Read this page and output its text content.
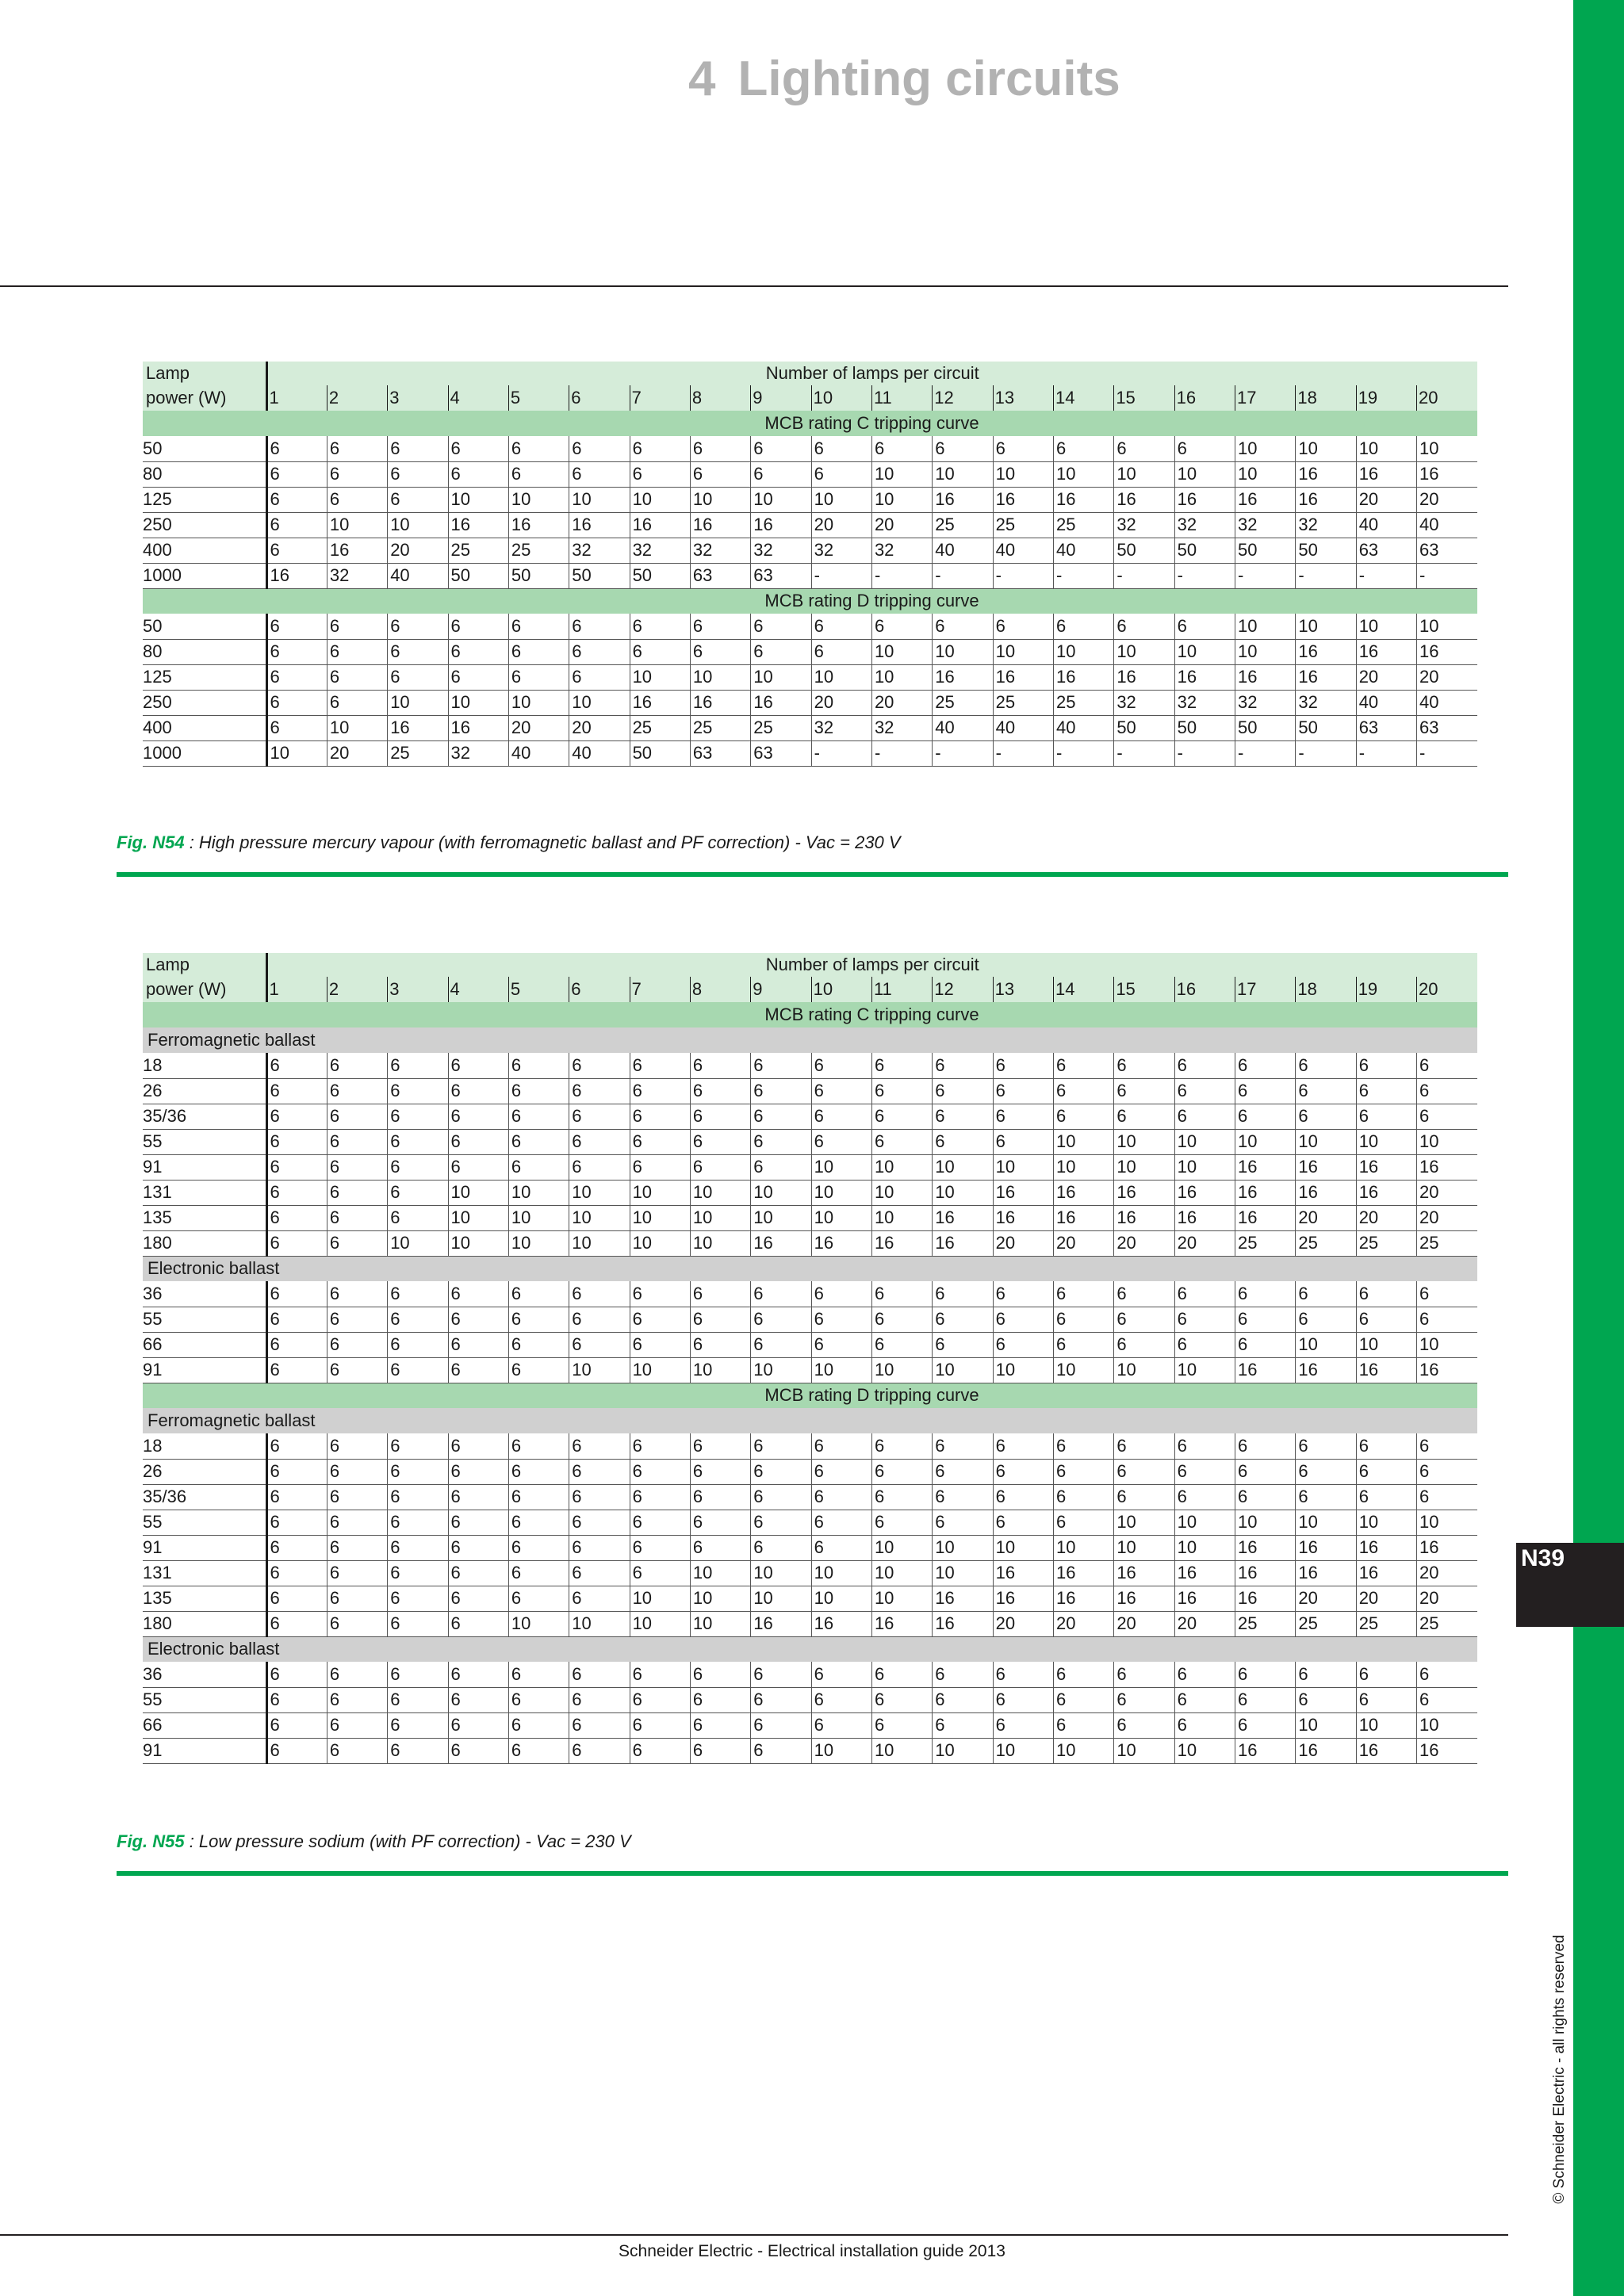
N39
© Schneider Electric - all rights reserved
4 Lighting circuits
Lamp	Number of lamps per circuit																			
power (W)	1	2	3	4	5	6	7	8	9	10	11	12	13	14	15	16	17	18	19	20
MCB rating C tripping curve																				
50	6	6	6	6	6	6	6	6	6	6	6	6	6	6	6	6	10	10	10	10
80	6	6	6	6	6	6	6	6	6	6	10	10	10	10	10	10	10	16	16	16
125	6	6	6	10	10	10	10	10	10	10	10	16	16	16	16	16	16	16	20	20
250	6	10	10	16	16	16	16	16	16	20	20	25	25	25	32	32	32	32	40	40
400	6	16	20	25	25	32	32	32	32	32	32	40	40	40	50	50	50	50	63	63
1000	16	32	40	50	50	50	50	63	63	-	-	-	-	-	-	-	-	-	-	-
MCB rating D tripping curve																				
50	6	6	6	6	6	6	6	6	6	6	6	6	6	6	6	6	10	10	10	10
80	6	6	6	6	6	6	6	6	6	6	10	10	10	10	10	10	10	16	16	16
125	6	6	6	6	6	6	10	10	10	10	10	16	16	16	16	16	16	16	20	20
250	6	6	10	10	10	10	16	16	16	20	20	25	25	25	32	32	32	32	40	40
400	6	10	16	16	20	20	25	25	25	32	32	40	40	40	50	50	50	50	63	63
1000	10	20	25	32	40	40	50	63	63	-	-	-	-	-	-	-	-	-	-	-
Fig. N54 : High pressure mercury vapour (with ferromagnetic ballast and PF correction) - Vac = 230 V
Lamp	Number of lamps per circuit																			
power (W)	1	2	3	4	5	6	7	8	9	10	11	12	13	14	15	16	17	18	19	20
MCB rating C tripping curve																				
Ferromagnetic ballast																				
18	6	6	6	6	6	6	6	6	6	6	6	6	6	6	6	6	6	6	6	6
26	6	6	6	6	6	6	6	6	6	6	6	6	6	6	6	6	6	6	6	6
35/36	6	6	6	6	6	6	6	6	6	6	6	6	6	6	6	6	6	6	6	6
55	6	6	6	6	6	6	6	6	6	6	6	6	6	10	10	10	10	10	10	10
91	6	6	6	6	6	6	6	6	6	10	10	10	10	10	10	10	16	16	16	16
131	6	6	6	10	10	10	10	10	10	10	10	10	16	16	16	16	16	16	16	20
135	6	6	6	10	10	10	10	10	10	10	10	16	16	16	16	16	16	20	20	20
180	6	6	10	10	10	10	10	10	16	16	16	16	20	20	20	20	25	25	25	25
Electronic ballast																				
36	6	6	6	6	6	6	6	6	6	6	6	6	6	6	6	6	6	6	6	6
55	6	6	6	6	6	6	6	6	6	6	6	6	6	6	6	6	6	6	6	6
66	6	6	6	6	6	6	6	6	6	6	6	6	6	6	6	6	6	10	10	10
91	6	6	6	6	6	10	10	10	10	10	10	10	10	10	10	10	16	16	16	16
MCB rating D tripping curve																				
Ferromagnetic ballast																				
18	6	6	6	6	6	6	6	6	6	6	6	6	6	6	6	6	6	6	6	6
26	6	6	6	6	6	6	6	6	6	6	6	6	6	6	6	6	6	6	6	6
35/36	6	6	6	6	6	6	6	6	6	6	6	6	6	6	6	6	6	6	6	6
55	6	6	6	6	6	6	6	6	6	6	6	6	6	6	10	10	10	10	10	10
91	6	6	6	6	6	6	6	6	6	6	10	10	10	10	10	10	16	16	16	16
131	6	6	6	6	6	6	6	10	10	10	10	10	16	16	16	16	16	16	16	20
135	6	6	6	6	6	6	10	10	10	10	10	16	16	16	16	16	16	20	20	20
180	6	6	6	6	10	10	10	10	16	16	16	16	20	20	20	20	25	25	25	25
Electronic ballast																				
36	6	6	6	6	6	6	6	6	6	6	6	6	6	6	6	6	6	6	6	6
55	6	6	6	6	6	6	6	6	6	6	6	6	6	6	6	6	6	6	6	6
66	6	6	6	6	6	6	6	6	6	6	6	6	6	6	6	6	6	10	10	10
91	6	6	6	6	6	6	6	6	6	10	10	10	10	10	10	10	16	16	16	16
Fig. N55 : Low pressure sodium (with PF correction) - Vac = 230 V
Schneider Electric - Electrical installation guide 2013
